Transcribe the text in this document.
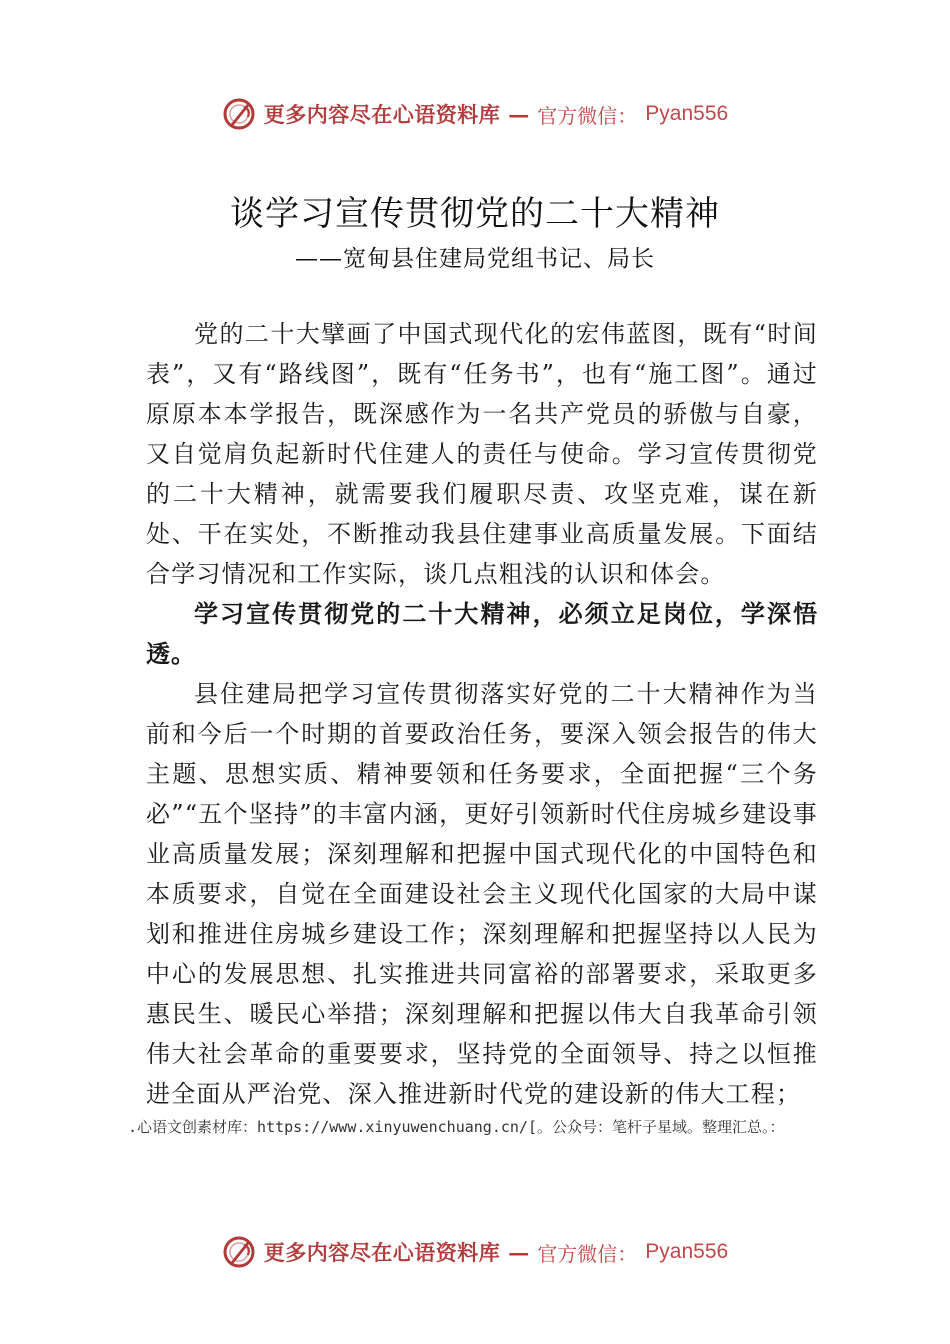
更多内容尽在心语资料库 — 官方微信： Pyan556
谈学习宣传贯彻党的二十大精神
——宽甸县住建局党组书记、局长

党的二十大擘画了中国式现代化的宏伟蓝图，既有“时间表”，又有“路线图”，既有“任务书”，也有“施工图”。通过原原本本学报告，既深感作为一名共产党员的骄傲与自豪，又自觉肩负起新时代住建人的责任与使命。学习宣传贯彻党的二十大精神，就需要我们履职尽责、攻坚克难，谋在新处、干在实处，不断推动我县住建事业高质量发展。下面结合学习情况和工作实际，谈几点粗浅的认识和体会。

学习宣传贯彻党的二十大精神，必须立足岗位，学深悟透。

县住建局把学习宣传贯彻落实好党的二十大精神作为当前和今后一个时期的首要政治任务，要深入领会报告的伟大主题、思想实质、精神要领和任务要求，全面把握“三个务必”“五个坚持”的丰富内涵，更好引领新时代住房城乡建设事业高质量发展；深刻理解和把握中国式现代化的中国特色和本质要求，自觉在全面建设社会主义现代化国家的大局中谋划和推进住房城乡建设工作；深刻理解和把握坚持以人民为中心的发展思想、扎实推进共同富裕的部署要求，采取更多惠民生、暖民心举措；深刻理解和把握以伟大自我革命引领伟大社会革命的重要要求，坚持党的全面领导、持之以恒推进全面从严治党、深入推进新时代党的建设新的伟大工程；

.心语文创素材库：https://www.xinyuwenchuang.cn/[。公众号：笔杆子星域。整理汇总。：
更多内容尽在心语资料库 — 官方微信： Pyan556
